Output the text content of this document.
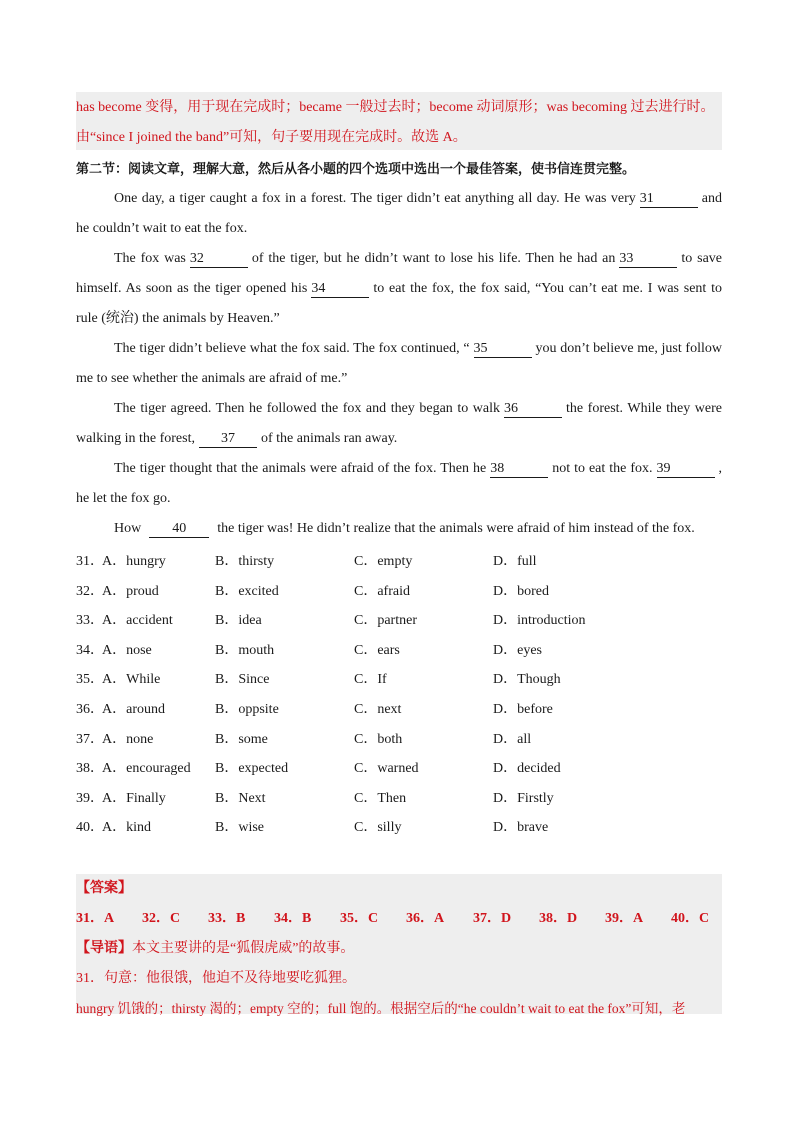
has become 变得，用于现在完成时；became 一般过去时；become 动词原形；was becoming 过去进行时。
由“since I joined the band”可知，句子要用现在完成时。故选 A。
第二节：阅读文章，理解大意，然后从各小题的四个选项中选出一个最佳答案，使书信连贯完整。
One day, a tiger caught a fox in a forest. The tiger didn’t eat anything all day. He was very 31	and
he couldn’t wait to eat the fox.
The fox was 32	of the tiger, but he didn’t want to lose his life. Then he had an 33	to save
himself. As soon as the tiger opened his 34	to eat the fox, the fox said, “You can’t eat me. I was sent to
rule (统治) the animals by Heaven.”
The tiger didn’t believe what the fox said. The fox continued, “ 35	you don’t believe me, just follow
me to see whether the animals are afraid of me.”
The tiger agreed. Then he followed the fox and they began to walk 36	the forest. While they were
walking in the forest, 37 of the animals ran away.
The tiger thought that the animals were afraid of the fox. Then he 38	not to eat the fox. 39	,
he let the fox go.
How 40 the tiger was! He didn’t realize that the animals were afraid of him instead of the fox.
31．
A．hungry	B．thirsty	C．empty	D．full
32．
A．proud	B．excited	C．afraid	D．bored
33．
A．accident	B．idea	C．partner	D．introduction
34．
A．nose	B．mouth	C．ears	D．eyes
35．
A．While	B．Since	C．If	D．Though
36．
A．around	B．oppsite	C．next	D．before
37．
A．none	B．some	C．both	D．all
38．
A．encouraged B．expected	C．warned	D．decided
39．
A．Finally	B．Next	C．Then	D．Firstly
40．
A．kind	B．wise	C．silly	D．brave
【答案】
31．A 32．C 33．B 34．B 35．C 36．A 37．D 38．D 39．A 40．C
【导语】本文主要讲的是“狐假虎威”的故事。
31．句意：他很饿，他迫不及待地要吃狐狸。
hungry 饥饿的；thirsty 渴的；empty 空的；full 饱的。根据空后的“he couldn’t wait to eat the fox”可知，老
